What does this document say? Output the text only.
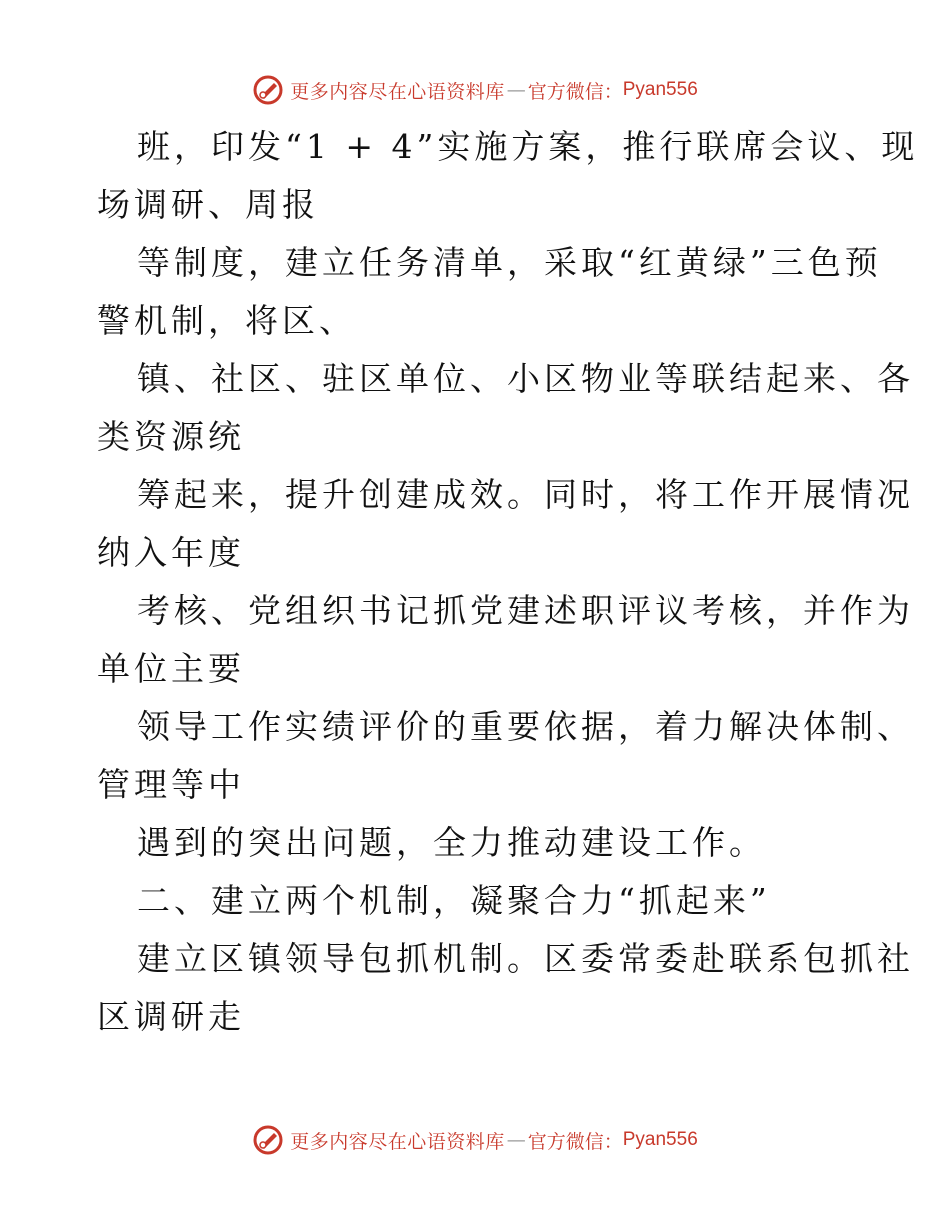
更多内容尽在心语资料库 — 官方微信： Pyan556
班，印发“1 + 4”实施方案，推行联席会议、现
场调研、周报
等制度，建立任务清单，采取“红黄绿”三色预
警机制，将区、
镇、社区、驻区单位、小区物业等联结起来、各
类资源统
筹起来，提升创建成效。同时，将工作开展情况
纳入年度
考核、党组织书记抓党建述职评议考核，并作为
单位主要
领导工作实绩评价的重要依据，着力解决体制、
管理等中
遇到的突出问题，全力推动建设工作。
二、建立两个机制，凝聚合力“抓起来”
建立区镇领导包抓机制。区委常委赴联系包抓社
区调研走
更多内容尽在心语资料库 — 官方微信： Pyan556
